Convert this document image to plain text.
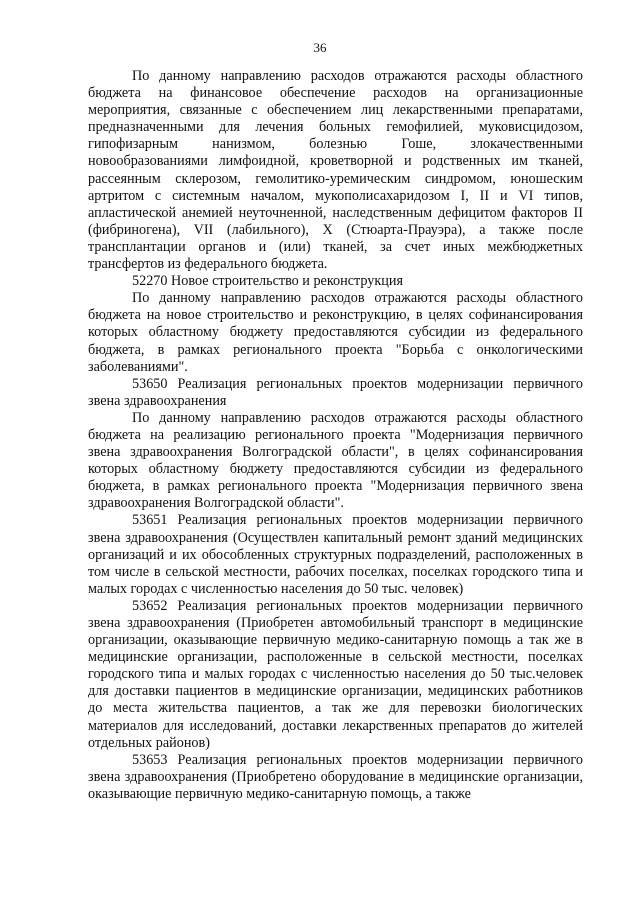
36

По данному направлению расходов отражаются расходы областного бюджета на финансовое обеспечение расходов на организационные мероприятия, связанные с обеспечением лиц лекарственными препаратами, предназначенными для лечения больных гемофилией, муковисцидозом, гипофизарным нанизмом, болезнью Гоше, злокачественными новообразованиями лимфоидной, кроветворной и родственных им тканей, рассеянным склерозом, гемолитико-уремическим синдромом, юношеским артритом с системным началом, мукополисахаридозом I, II и VI типов, апластической анемией неуточненной, наследственным дефицитом факторов II (фибриногена), VII (лабильного), X (Стюарта-Прауэра), а также после трансплантации органов и (или) тканей, за счет иных межбюджетных трансфертов из федерального бюджета.

52270 Новое строительство и реконструкция

По данному направлению расходов отражаются расходы областного бюджета на новое строительство и реконструкцию, в целях софинансирования которых областному бюджету предоставляются субсидии из федерального бюджета, в рамках регионального проекта "Борьба с онкологическими заболеваниями".

53650 Реализация региональных проектов модернизации первичного звена здравоохранения

По данному направлению расходов отражаются расходы областного бюджета на реализацию регионального проекта "Модернизация первичного звена здравоохранения Волгоградской области", в целях софинансирования которых областному бюджету предоставляются субсидии из федерального бюджета, в рамках регионального проекта "Модернизация первичного звена здравоохранения Волгоградской области".

53651 Реализация региональных проектов модернизации первичного звена здравоохранения (Осуществлен капитальный ремонт зданий медицинских организаций и их обособленных структурных подразделений, расположенных в том числе в сельской местности, рабочих поселках, поселках городского типа и малых городах с численностью населения до 50 тыс. человек)

53652 Реализация региональных проектов модернизации первичного звена здравоохранения (Приобретен автомобильный транспорт в медицинские организации, оказывающие первичную медико-санитарную помощь а так же в медицинские организации, расположенные в сельской местности, поселках городского типа и малых городах с численностью населения до 50 тыс.человек для доставки пациентов в медицинские организации, медицинских работников до места жительства пациентов, а так же для перевозки биологических материалов для исследований, доставки лекарственных препаратов до жителей отдельных районов)

53653 Реализация региональных проектов модернизации первичного звена здравоохранения (Приобретено оборудование в медицинские организации, оказывающие первичную медико-санитарную помощь, а также
